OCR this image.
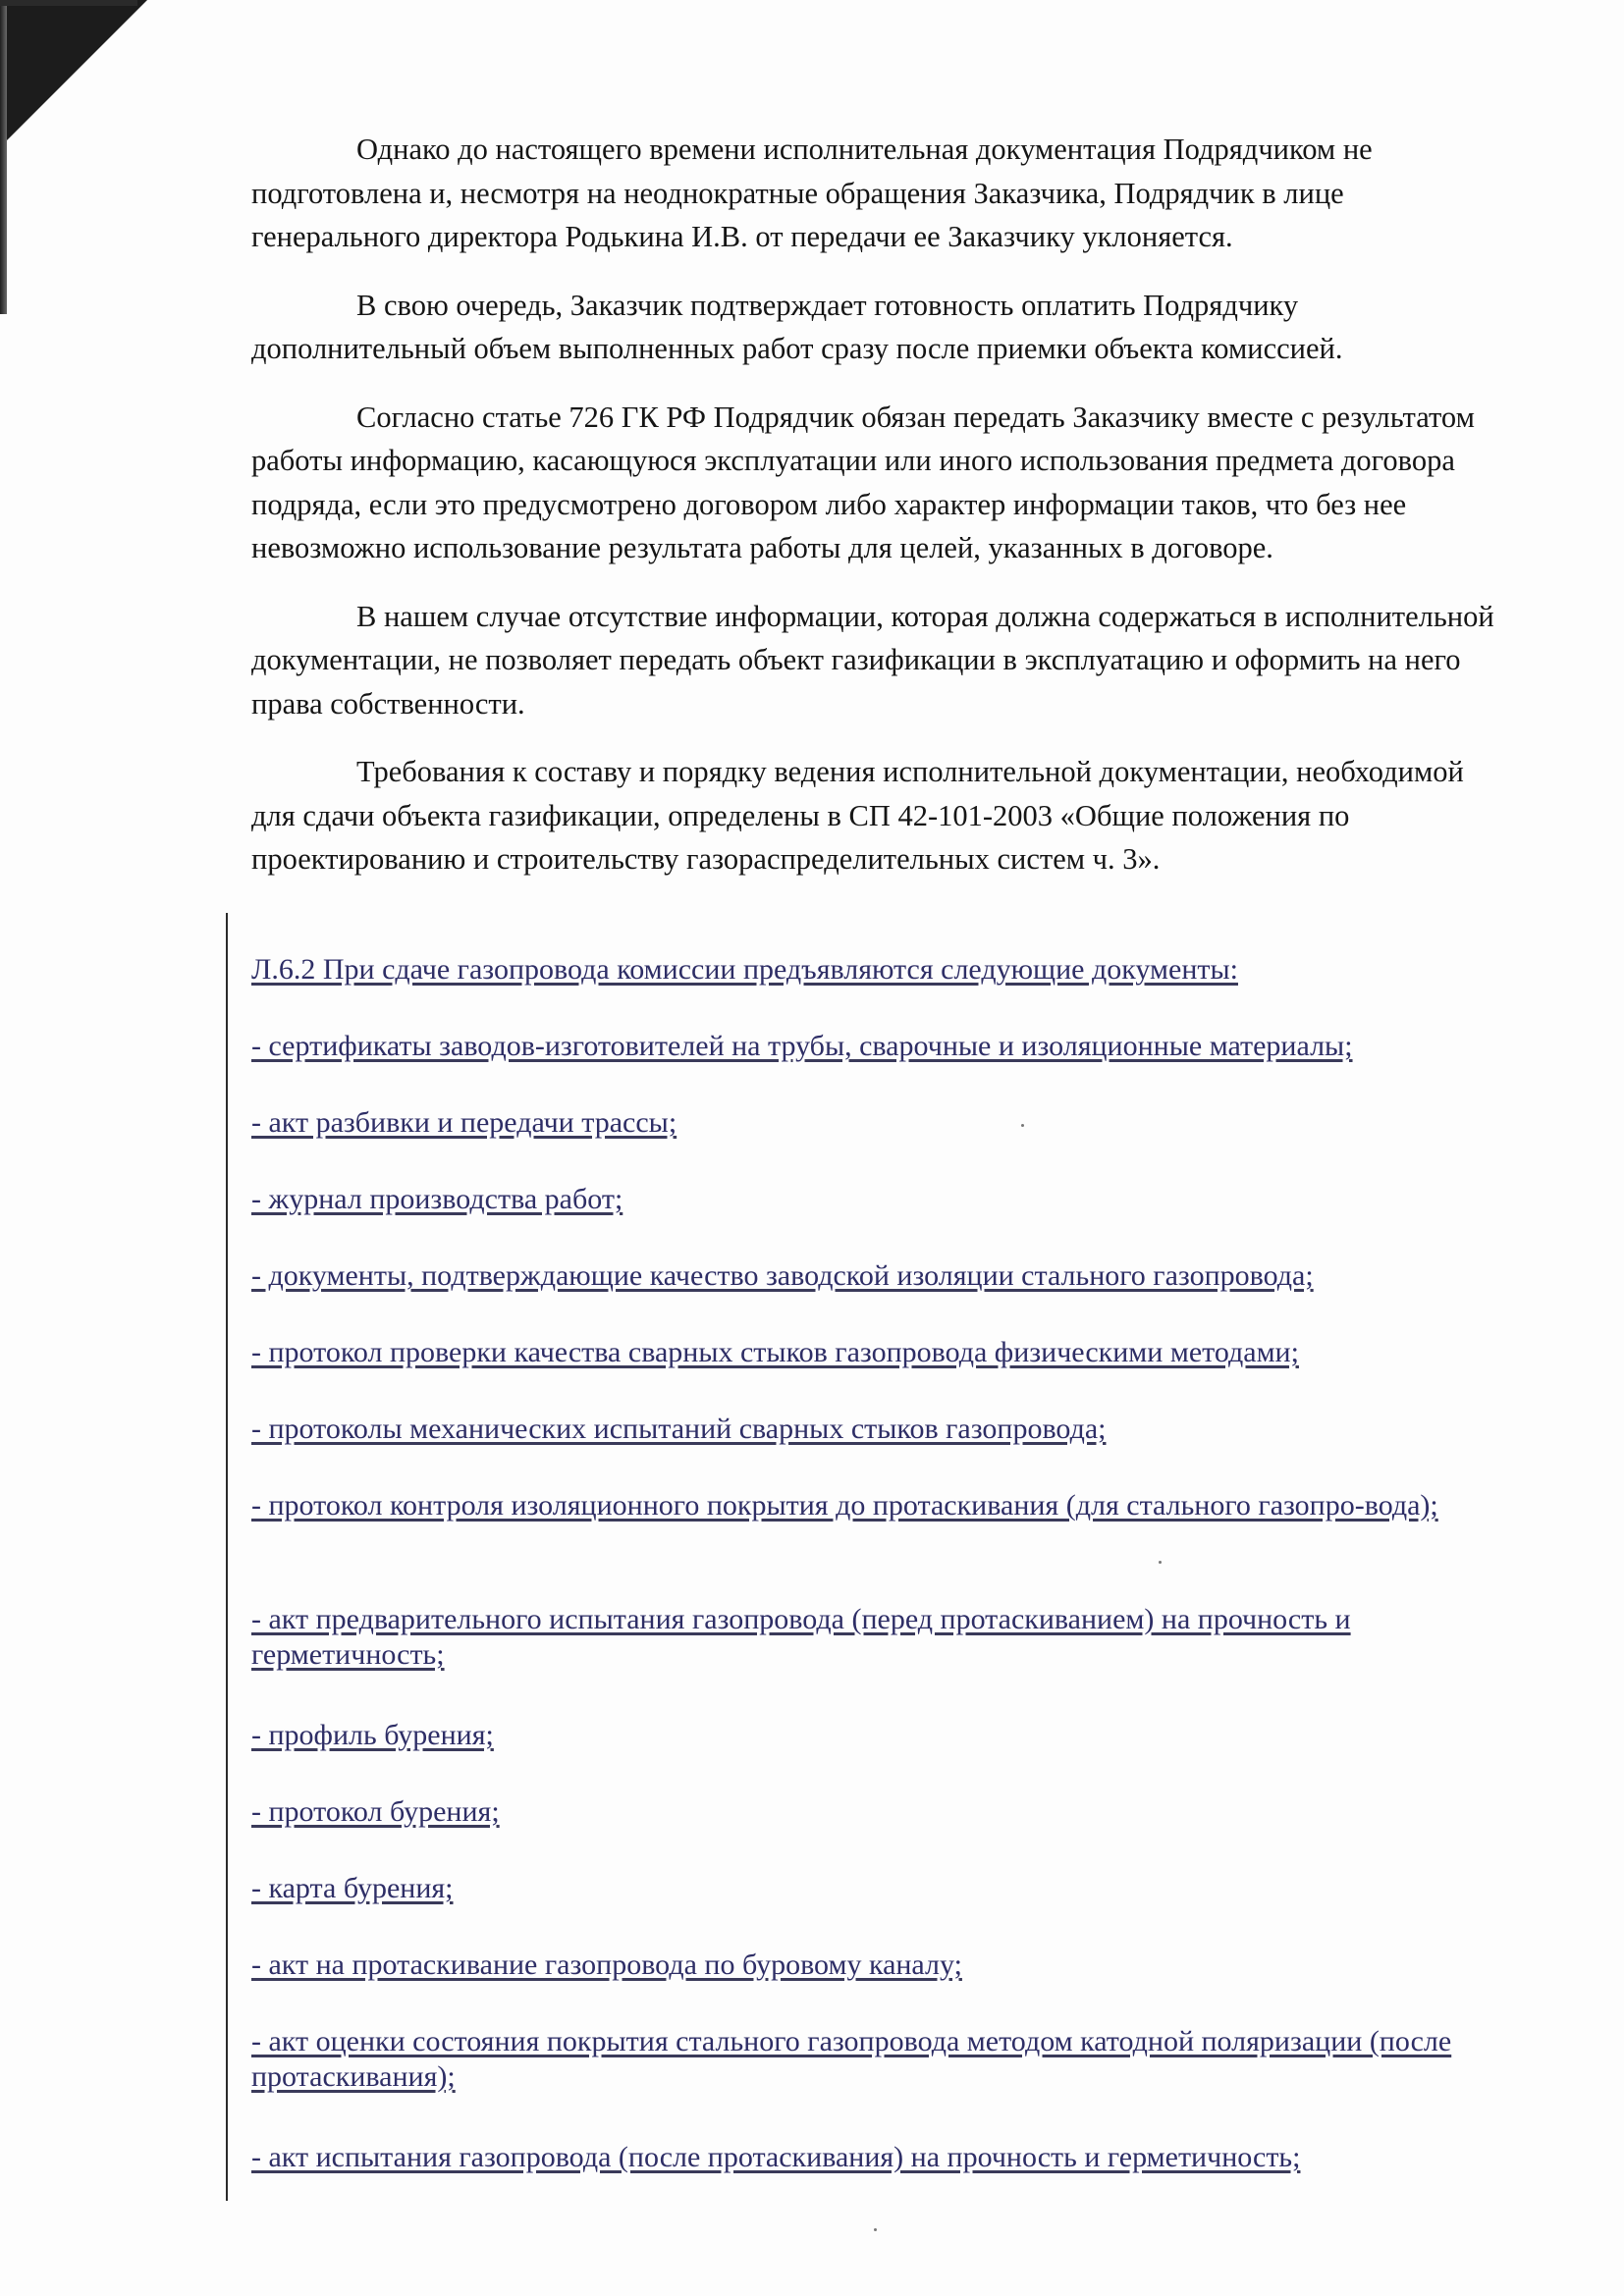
Однако до настоящего времени исполнительная документация Подрядчиком не подготовлена и, несмотря на неоднократные обращения Заказчика, Подрядчик в лице генерального директора Родькина И.В. от передачи ее Заказчику уклоняется.

В свою очередь, Заказчик подтверждает готовность оплатить Подрядчику дополнительный объем выполненных работ сразу после приемки объекта комиссией.

Согласно статье 726 ГК РФ Подрядчик обязан передать Заказчику вместе с результатом работы информацию, касающуюся эксплуатации или иного использования предмета договора подряда, если это предусмотрено договором либо характер информации таков, что без нее невозможно использование результата работы для целей, указанных в договоре.

В нашем случае отсутствие информации, которая должна содержаться в исполнительной документации, не позволяет передать объект газификации в эксплуатацию и оформить на него права собственности.

Требования к составу и порядку ведения исполнительной документации, необходимой для сдачи объекта газификации, определены в СП 42-101-2003 «Общие положения по проектированию и строительству газораспределительных систем ч. 3».

Л.6.2 При сдаче газопровода комиссии предъявляются следующие документы:

- сертификаты заводов-изготовителей на трубы, сварочные и изоляционные материалы;

- акт разбивки и передачи трассы;

- журнал производства работ;

- документы, подтверждающие качество заводской изоляции стального газопровода;

- протокол проверки качества сварных стыков газопровода физическими методами;

- протоколы механических испытаний сварных стыков газопровода;

- протокол контроля изоляционного покрытия до протаскивания (для стального газопро-вода);

- акт предварительного испытания газопровода (перед протаскиванием) на прочность и герметичность;

- профиль бурения;

- протокол бурения;

- карта бурения;

- акт на протаскивание газопровода по буровому каналу;

- акт оценки состояния покрытия стального газопровода методом катодной поляризации (после протаскивания);

- акт испытания газопровода (после протаскивания) на прочность и герметичность;
